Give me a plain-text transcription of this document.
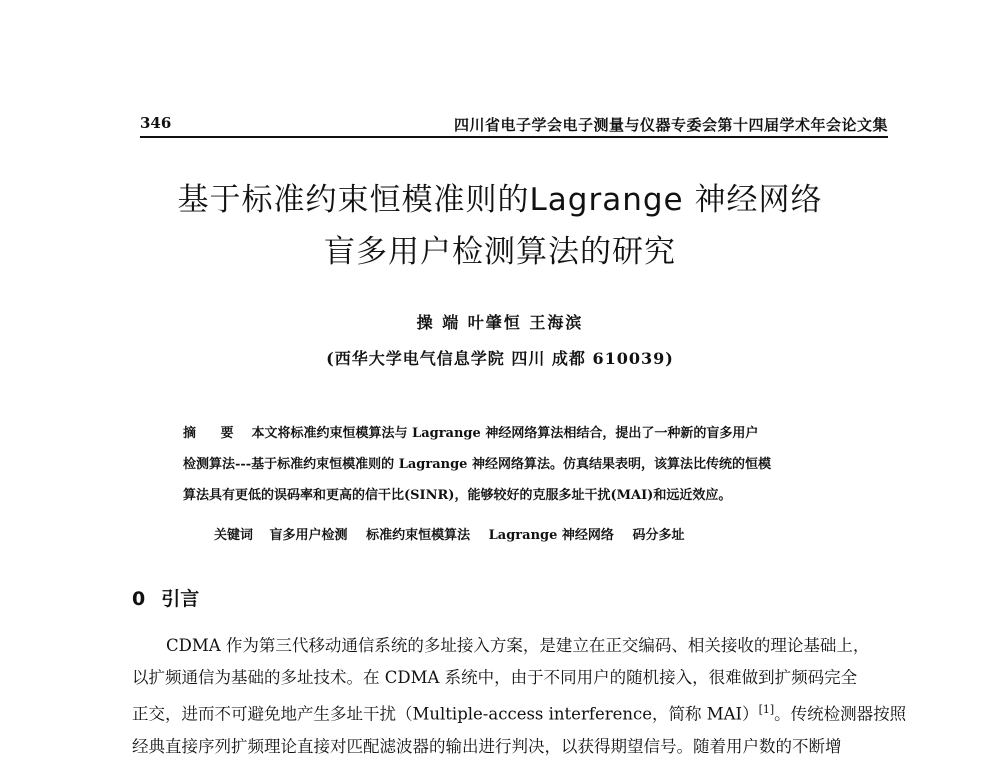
346	四川省电子学会电子测量与仪器专委会第十四届学术年会论文集
基于标准约束恒模准则的Lagrange 神经网络
盲多用户检测算法的研究
操 端 叶肇恒 王海滨
(西华大学电气信息学院 四川 成都 610039)
摘 要 本文将标准约束恒模算法与 Lagrange 神经网络算法相结合，提出了一种新的盲多用户
检测算法---基于标准约束恒模准则的 Lagrange 神经网络算法。仿真结果表明，该算法比传统的恒模
算法具有更低的误码率和更高的信干比(SINR)，能够较好的克服多址干扰(MAI)和远近效应。
关键词 盲多用户检测 标准约束恒模算法 Lagrange 神经网络 码分多址
0 引言
CDMA 作为第三代移动通信系统的多址接入方案，是建立在正交编码、相关接收的理论基础上，
以扩频通信为基础的多址技术。在 CDMA 系统中，由于不同用户的随机接入，很难做到扩频码完全
正交，进而不可避免地产生多址干扰（Multiple-access interference，简称 MAI）[1]。传统检测器按照
经典直接序列扩频理论直接对匹配滤波器的输出进行判决，以获得期望信号。随着用户数的不断增
